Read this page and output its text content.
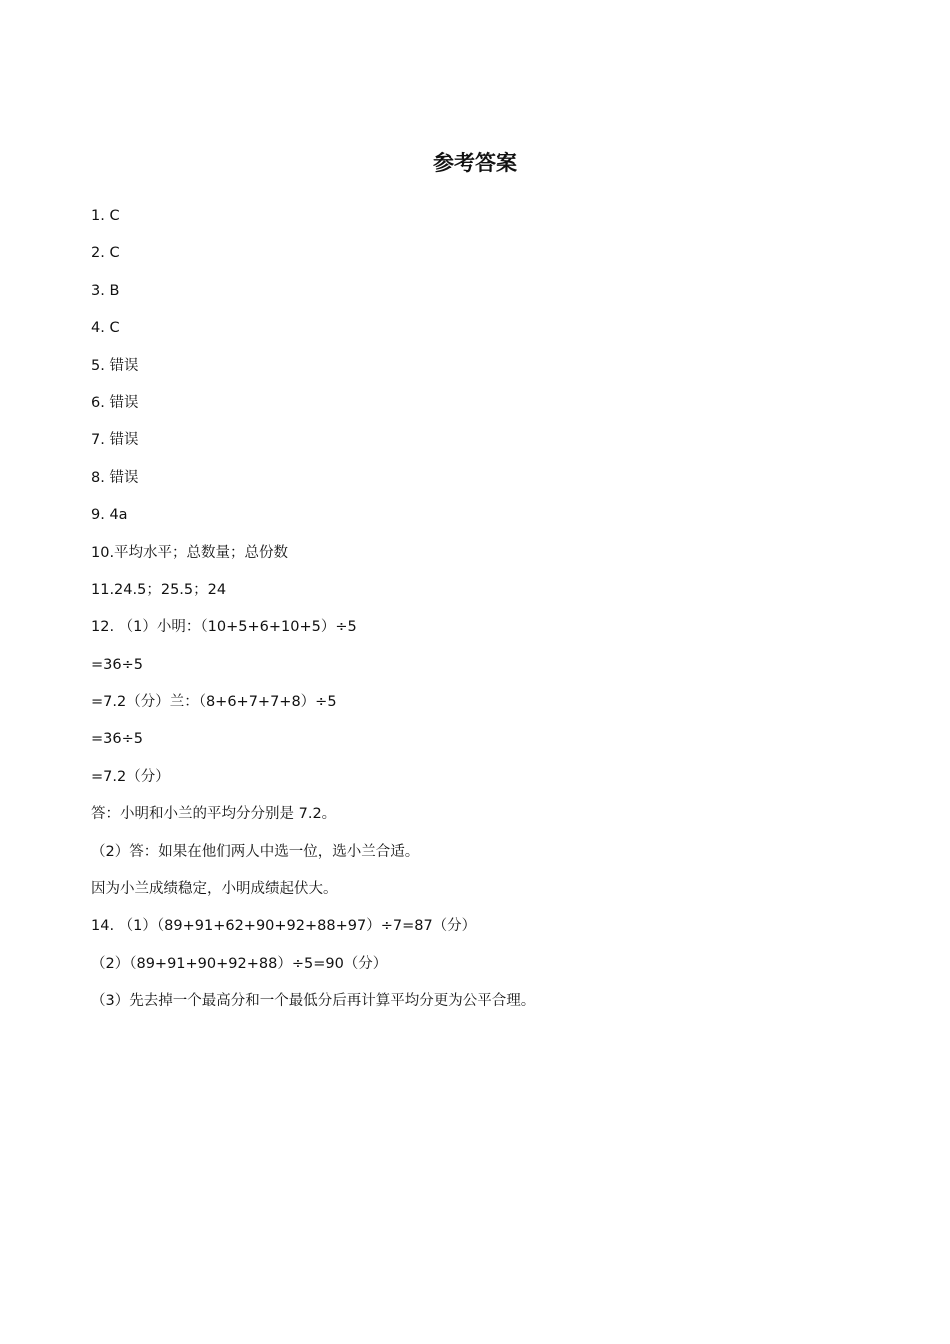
参考答案
1. C
2. C
3. B
4. C
5. 错误
6. 错误
7. 错误
8. 错误
9. 4a
10.平均水平；总数量；总份数
11.24.5；25.5；24
12. （1）小明：（10+5+6+10+5）÷5
=36÷5
=7.2（分）兰：（8+6+7+7+8）÷5
=36÷5
=7.2（分）
答：小明和小兰的平均分分别是 7.2。
（2）答：如果在他们两人中选一位，选小兰合适。
因为小兰成绩稳定，小明成绩起伏大。
14. （1）（89+91+62+90+92+88+97）÷7=87（分）
（2）（89+91+90+92+88）÷5=90（分）
（3）先去掉一个最高分和一个最低分后再计算平均分更为公平合理。
